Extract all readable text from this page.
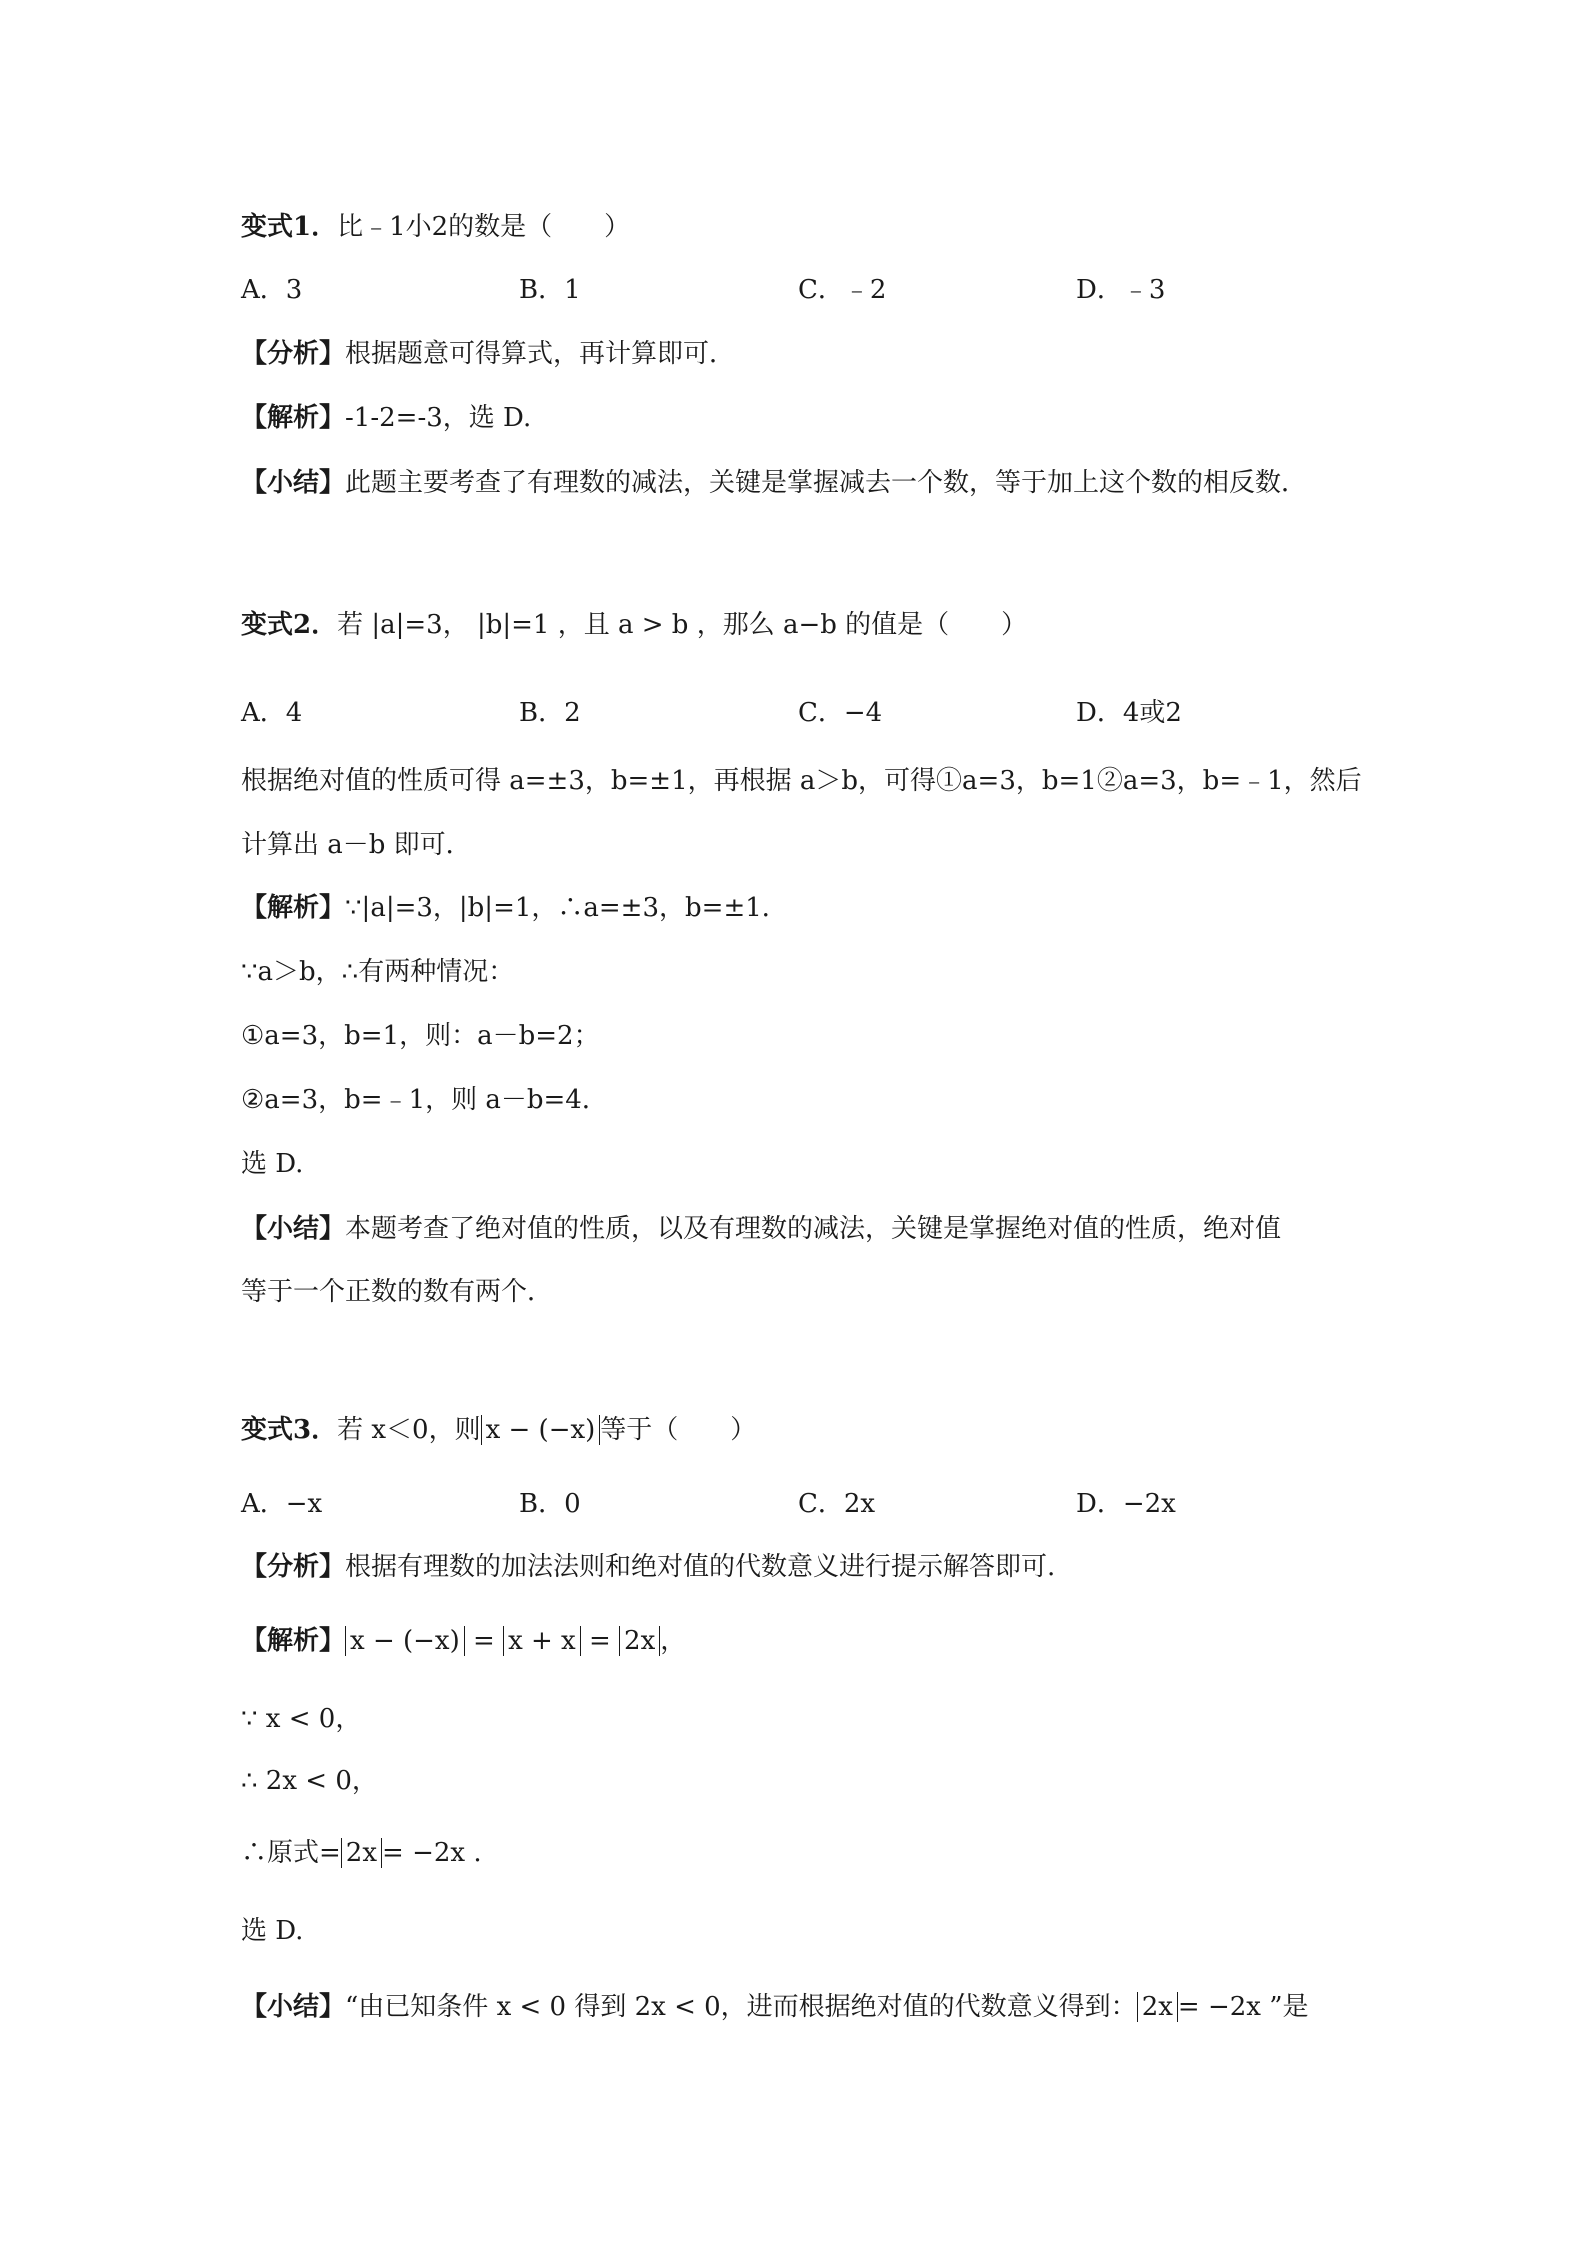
变式1．比﹣1小2的数是（　　）
A．3	B．1	C．﹣2	D．﹣3
【分析】根据题意可得算式，再计算即可．
【解析】-1-2=-3，选 D.
【小结】此题主要考查了有理数的减法，关键是掌握减去一个数，等于加上这个数的相反数．
变式2．若 |a|=3， |b|=1 ，且 a > b ，那么 a−b 的值是（　　）
A．4	B．2	C．−4	D．4或2
根据绝对值的性质可得 a=±3，b=±1，再根据 a＞b，可得①a=3，b=1②a=3，b=﹣1，然后
计算出 a－b 即可．
【解析】∵|a|=3，|b|=1，∴a=±3，b=±1．
∵a＞b，∴有两种情况：
①a=3，b=1，则：a－b=2；
②a=3，b=﹣1，则 a－b=4．
选 D.
【小结】本题考查了绝对值的性质，以及有理数的减法，关键是掌握绝对值的性质，绝对值
等于一个正数的数有两个．
变式3．若 x＜0，则 x − (−x) 等于（　　）
A．−x	B．0	C．2x	D．−2x
【分析】根据有理数的加法法则和绝对值的代数意义进行提示解答即可.
【解析】 x − (−x) = x + x = 2x ，
∵ x < 0，
∴ 2x < 0，
∴原式= 2x = −2x .
选 D.
【小结】“由已知条件 x < 0 得到 2x < 0，进而根据绝对值的代数意义得到： 2x = −2x ”是
